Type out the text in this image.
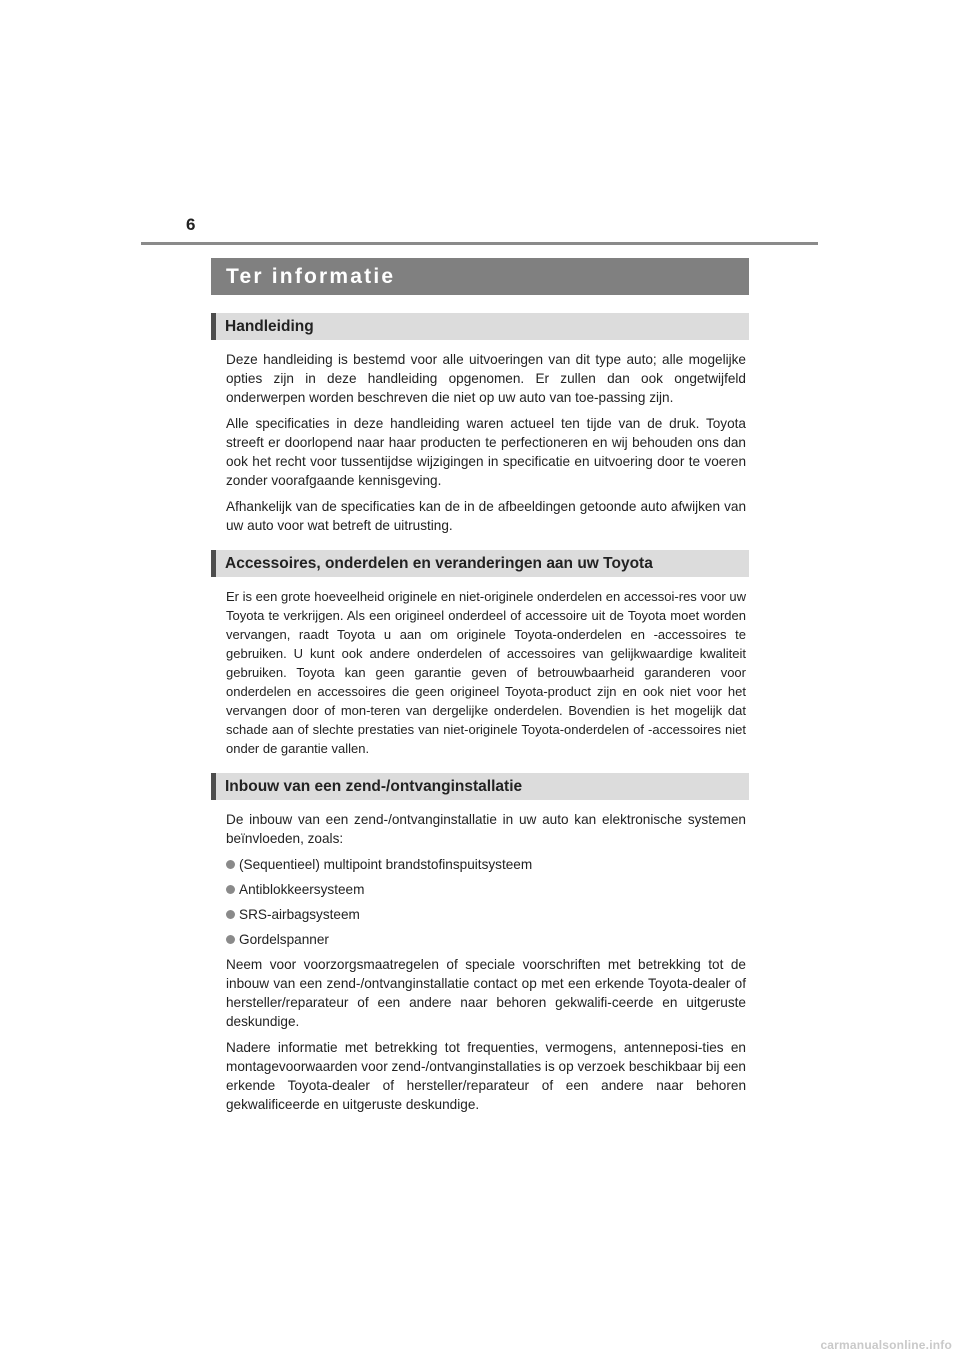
6
Ter informatie
Handleiding

Deze handleiding is bestemd voor alle uitvoeringen van dit type auto; alle mogelijke opties zijn in deze handleiding opgenomen. Er zullen dan ook ongetwijfeld onderwerpen worden beschreven die niet op uw auto van toe-passing zijn.

Alle specificaties in deze handleiding waren actueel ten tijde van de druk. Toyota streeft er doorlopend naar haar producten te perfectioneren en wij behouden ons dan ook het recht voor tussentijdse wijzigingen in specificatie en uitvoering door te voeren zonder voorafgaande kennisgeving.

Afhankelijk van de specificaties kan de in de afbeeldingen getoonde auto afwijken van uw auto voor wat betreft de uitrusting.

Accessoires, onderdelen en veranderingen aan uw Toyota

Er is een grote hoeveelheid originele en niet-originele onderdelen en accessoi-res voor uw Toyota te verkrijgen. Als een origineel onderdeel of accessoire uit de Toyota moet worden vervangen, raadt Toyota u aan om originele Toyota-onderdelen en -accessoires te gebruiken. U kunt ook andere onderdelen of accessoires van gelijkwaardige kwaliteit gebruiken. Toyota kan geen garantie geven of betrouwbaarheid garanderen voor onderdelen en accessoires die geen origineel Toyota-product zijn en ook niet voor het vervangen door of mon-teren van dergelijke onderdelen. Bovendien is het mogelijk dat schade aan of slechte prestaties van niet-originele Toyota-onderdelen of -accessoires niet onder de garantie vallen.

Inbouw van een zend-/ontvanginstallatie

De inbouw van een zend-/ontvanginstallatie in uw auto kan elektronische systemen beïnvloeden, zoals:

(Sequentieel) multipoint brandstofinspuitsysteem
Antiblokkeersysteem
SRS-airbagsysteem
Gordelspanner

Neem voor voorzorgsmaatregelen of speciale voorschriften met betrekking tot de inbouw van een zend-/ontvanginstallatie contact op met een erkende Toyota-dealer of hersteller/reparateur of een andere naar behoren gekwalifi-ceerde en uitgeruste deskundige.

Nadere informatie met betrekking tot frequenties, vermogens, antenneposi-ties en montagevoorwaarden voor zend-/ontvanginstallaties is op verzoek beschikbaar bij een erkende Toyota-dealer of hersteller/reparateur of een andere naar behoren gekwalificeerde en uitgeruste deskundige.

carmanualsonline.info
